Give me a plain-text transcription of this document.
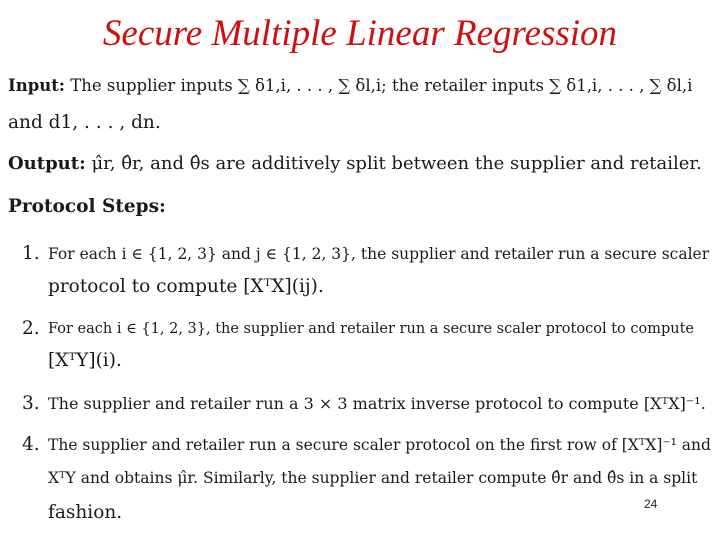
Secure Multiple Linear Regression
Input: The supplier inputs ∑ δ1,i, . . . , ∑ δl,i; the retailer inputs ∑ δ1,i, . . . , ∑ δl,i
and d1, . . . , dn.
Output: μ̂r, θ̂r, and θ̂s are additively split between the supplier and retailer.
Protocol Steps:
1. For each i ∈ {1, 2, 3} and j ∈ {1, 2, 3}, the supplier and retailer run a secure scaler
protocol to compute [XᵀX](ij).
2. For each i ∈ {1, 2, 3}, the supplier and retailer run a secure scaler protocol to compute
[XᵀY](i).
3. The supplier and retailer run a 3 × 3 matrix inverse protocol to compute [XᵀX]⁻¹.
4. The supplier and retailer run a secure scaler protocol on the first row of [XᵀX]⁻¹ and
XᵀY and obtains μ̂r. Similarly, the supplier and retailer compute θ̂r and θ̂s in a split
fashion.	24
